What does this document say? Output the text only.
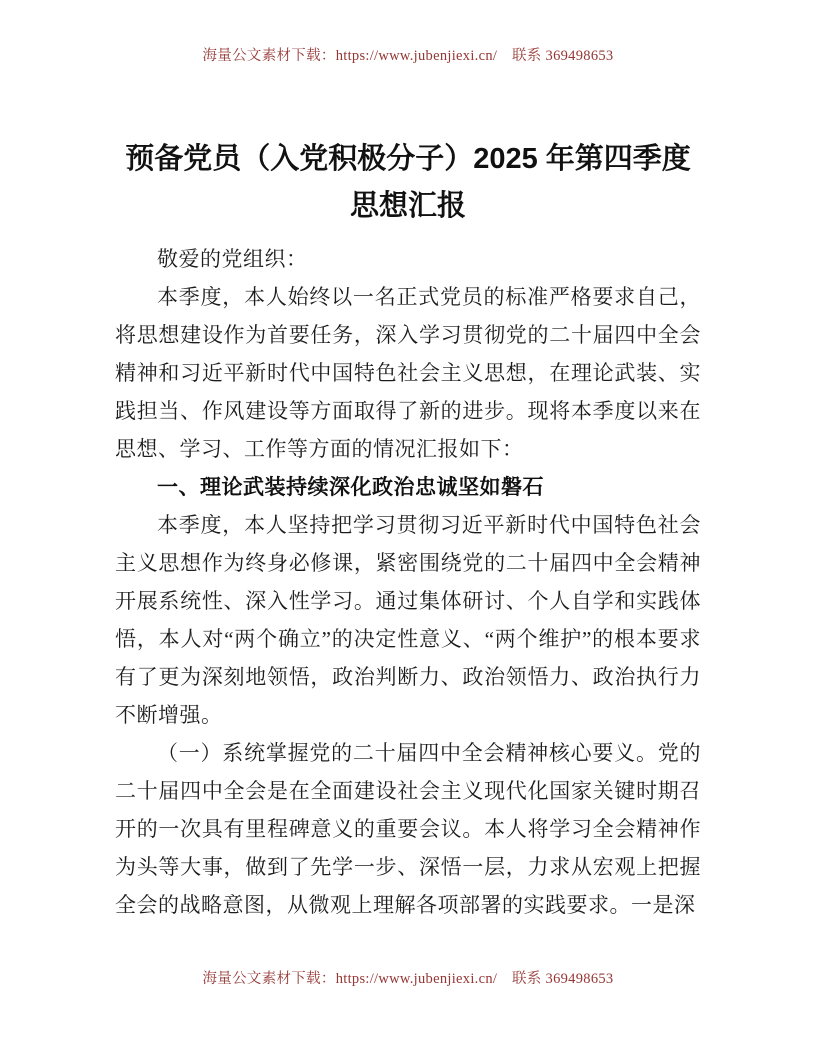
海量公文素材下载：https://www.jubenjiexi.cn/　联系 369498653
预备党员（入党积极分子）2025 年第四季度思想汇报

敬爱的党组织：

本季度，本人始终以一名正式党员的标准严格要求自己，将思想建设作为首要任务，深入学习贯彻党的二十届四中全会精神和习近平新时代中国特色社会主义思想，在理论武装、实践担当、作风建设等方面取得了新的进步。现将本季度以来在思想、学习、工作等方面的情况汇报如下：

一、理论武装持续深化政治忠诚坚如磐石

本季度，本人坚持把学习贯彻习近平新时代中国特色社会主义思想作为终身必修课，紧密围绕党的二十届四中全会精神开展系统性、深入性学习。通过集体研讨、个人自学和实践体悟，本人对“两个确立”的决定性意义、“两个维护”的根本要求有了更为深刻地领悟，政治判断力、政治领悟力、政治执行力不断增强。

（一）系统掌握党的二十届四中全会精神核心要义。党的二十届四中全会是在全面建设社会主义现代化国家关键时期召开的一次具有里程碑意义的重要会议。本人将学习全会精神作为头等大事，做到了先学一步、深悟一层，力求从宏观上把握全会的战略意图，从微观上理解各项部署的实践要求。一是深

海量公文素材下载：https://www.jubenjiexi.cn/　联系 369498653
